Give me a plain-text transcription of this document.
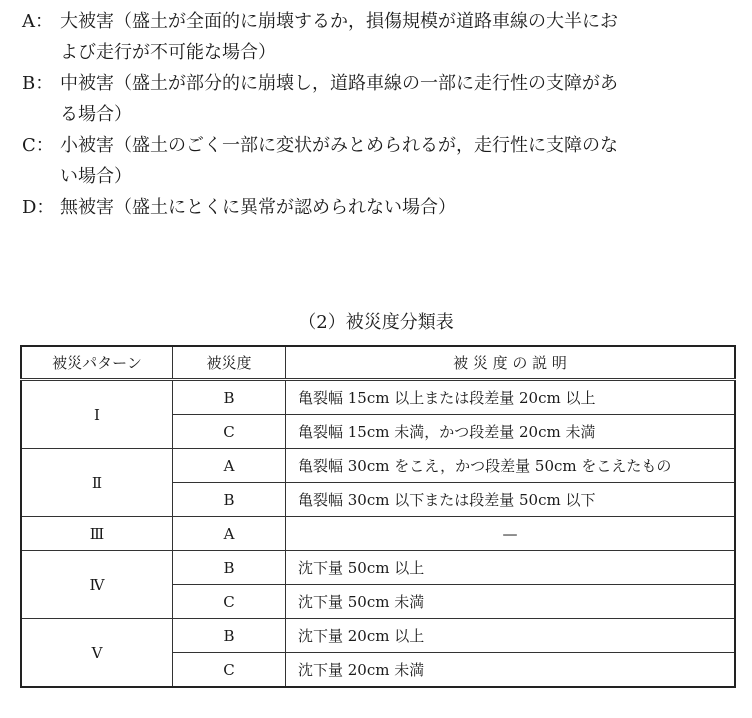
A： 大被害（盛土が全面的に崩壊するか，損傷規模が道路車線の大半にお
よび走行が不可能な場合）
B： 中被害（盛土が部分的に崩壊し，道路車線の一部に走行性の支障があ
る場合）
C： 小被害（盛土のごく一部に変状がみとめられるが，走行性に支障のな
い場合）
D： 無被害（盛土にとくに異常が認められない場合）
（2）被災度分類表
被災パターン	被災度	被 災 度 の 説 明
Ⅰ	B	亀裂幅 15cm 以上または段差量 20cm 以上
	C	亀裂幅 15cm 未満，かつ段差量 20cm 未満
Ⅱ	A	亀裂幅 30cm をこえ，かつ段差量 50cm をこえたもの
	B	亀裂幅 30cm 以下または段差量 50cm 以下
Ⅲ	A	—
Ⅳ	B	沈下量 50cm 以上
	C	沈下量 50cm 未満
Ⅴ	B	沈下量 20cm 以上
	C	沈下量 20cm 未満
